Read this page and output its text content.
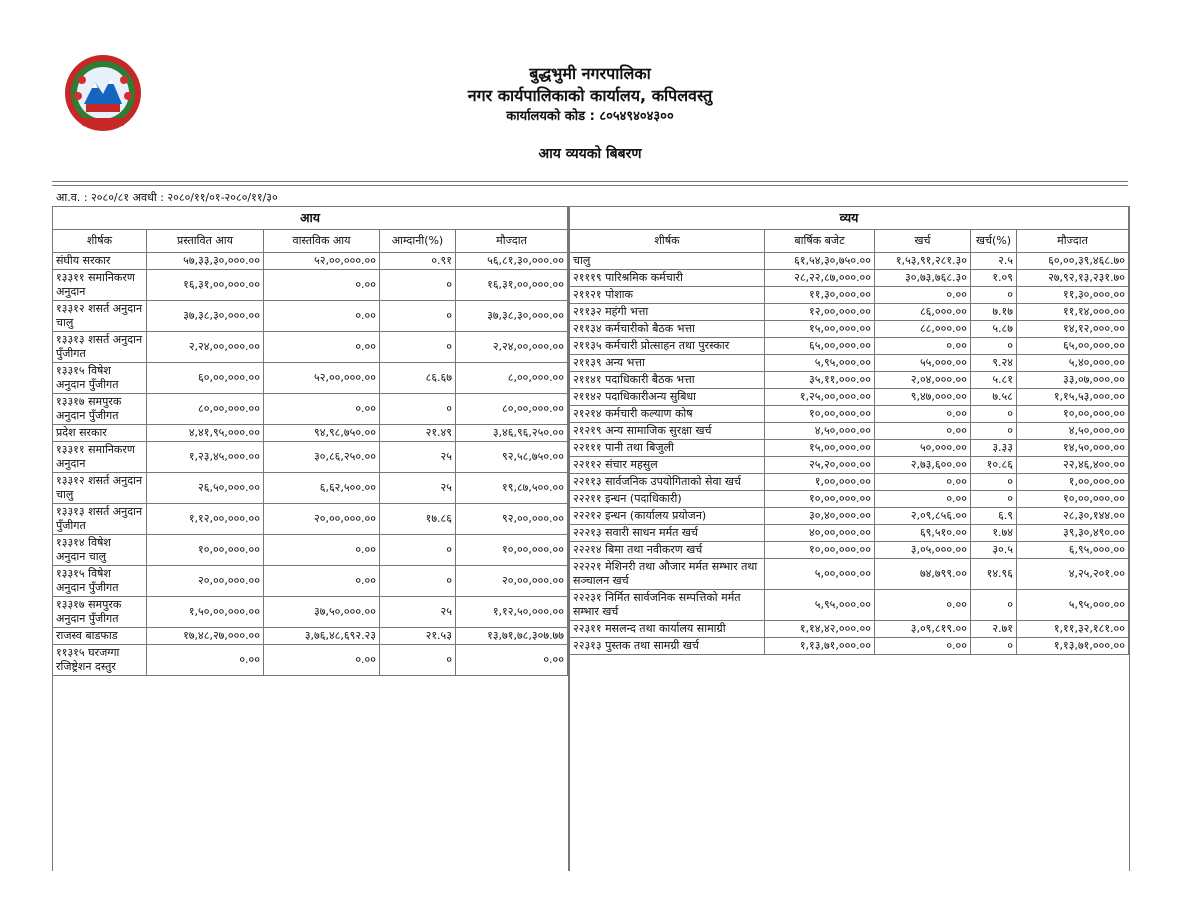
बुद्धभुमी नगरपालिका
नगर कार्यपालिकाको कार्यालय, कपिलवस्तु
कार्यालयको कोड : ८०५४९४०४३००
आय व्ययको बिबरण
आ.व. : २०८०/८१ अवधी : २०८०/११/०१-२०८०/११/३०
आय				
शीर्षक	प्रस्तावित आय	वास्तविक आय	आम्दानी(%)	मौज्दात
संघीय सरकार	५७,३३,३०,०००.००	५२,००,०००.००	०.९१	५६,८१,३०,०००.००
१३३११ समानिकरण अनुदान	१६,३१,००,०००.००	०.००	०	१६,३१,००,०००.००
१३३१२ शसर्त अनुदान चालु	३७,३८,३०,०००.००	०.००	०	३७,३८,३०,०००.००
१३३१३ शसर्त अनुदान पुँजीगत	२,२४,००,०००.००	०.००	०	२,२४,००,०००.००
१३३१५ विषेश अनुदान पुँजीगत	६०,००,०००.००	५२,००,०००.००	८६.६७	८,००,०००.००
१३३१७ समपुरक अनुदान पुँजीगत	८०,००,०००.००	०.००	०	८०,००,०००.००
प्रदेश सरकार	४,४१,९५,०००.००	९४,९८,७५०.००	२१.४९	३,४६,९६,२५०.००
१३३११ समानिकरण अनुदान	१,२३,४५,०००.००	३०,८६,२५०.००	२५	९२,५८,७५०.००
१३३१२ शसर्त अनुदान चालु	२६,५०,०००.००	६,६२,५००.००	२५	१९,८७,५००.००
१३३१३ शसर्त अनुदान पुँजीगत	१,१२,००,०००.००	२०,००,०००.००	१७.८६	९२,००,०००.००
१३३१४ विषेश अनुदान चालु	१०,००,०००.००	०.००	०	१०,००,०००.००
१३३१५ विषेश अनुदान पुँजीगत	२०,००,०००.००	०.००	०	२०,००,०००.००
१३३१७ समपुरक अनुदान पुँजीगत	१,५०,००,०००.००	३७,५०,०००.००	२५	१,१२,५०,०००.००
राजस्व बाडफाड	१७,४८,२७,०००.००	३,७६,४८,६९२.२३	२१.५३	१३,७१,७८,३०७.७७
११३१५ घरजग्गा रजिष्ट्रेशन दस्तुर	०.००	०.००	०	०.००
व्यय				
शीर्षक	बार्षिक बजेट	खर्च	खर्च(%)	मौज्दात
चालु	६१,५४,३०,७५०.००	१,५३,९१,२८१.३०	२.५	६०,००,३९,४६८.७०
२१११९ पारिश्रमिक कर्मचारी	२८,२२,८७,०००.००	३०,७३,७६८.३०	१.०९	२७,९२,१३,२३१.७०
२११२१ पोशाक	११,३०,०००.००	०.००	०	११,३०,०००.००
२११३२ महंगी भत्ता	१२,००,०००.००	८६,०००.००	७.१७	११,१४,०००.००
२११३४ कर्मचारीको बैठक भत्ता	१५,००,०००.००	८८,०००.००	५.८७	१४,१२,०००.००
२११३५ कर्मचारी प्रोत्साहन तथा पुरस्कार	६५,००,०००.००	०.००	०	६५,००,०००.००
२११३९ अन्य भत्ता	५,९५,०००.००	५५,०००.००	९.२४	५,४०,०००.००
२११४१ पदाधिकारी बैठक भत्ता	३५,११,०००.००	२,०४,०००.००	५.८१	३३,०७,०००.००
२११४२ पदाधिकारीअन्य सुबिधा	१,२५,००,०००.००	९,४७,०००.००	७.५८	१,१५,५३,०००.००
२१२१४ कर्मचारी कल्याण कोष	१०,००,०००.००	०.००	०	१०,००,०००.००
२१२१९ अन्य सामाजिक सुरक्षा खर्च	४,५०,०००.००	०.००	०	४,५०,०००.००
२२१११ पानी तथा बिजुली	१५,००,०००.००	५०,०००.००	३.३३	१४,५०,०००.००
२२११२ संचार महसुल	२५,२०,०००.००	२,७३,६००.००	१०.८६	२२,४६,४००.००
२२११३ सार्वजनिक उपयोगिताको सेवा खर्च	१,००,०००.००	०.००	०	१,००,०००.००
२२२११ इन्धन (पदाधिकारी)	१०,००,०००.००	०.००	०	१०,००,०००.००
२२२१२ इन्धन (कार्यालय प्रयोजन)	३०,४०,०००.००	२,०९,८५६.००	६.९	२८,३०,१४४.००
२२२१३ सवारी साधन मर्मत खर्च	४०,००,०००.००	६९,५१०.००	१.७४	३९,३०,४९०.००
२२२१४ बिमा तथा नवीकरण खर्च	१०,००,०००.००	३,०५,०००.००	३०.५	६,९५,०००.००
२२२२१ मेशिनरी तथा औजार मर्मत सम्भार तथा सञ्चालन खर्च	५,००,०००.००	७४,७९९.००	१४.९६	४,२५,२०१.००
२२२३१ निर्मित सार्वजनिक सम्पत्तिको मर्मत सम्भार खर्च	५,९५,०००.००	०.००	०	५,९५,०००.००
२२३११ मसलन्द तथा कार्यालय सामाग्री	१,१४,४२,०००.००	३,०९,८१९.००	२.७१	१,११,३२,१८१.००
२२३१३ पुस्तक तथा सामग्री खर्च	१,१३,७१,०००.००	०.००	०	१,१३,७१,०००.००
